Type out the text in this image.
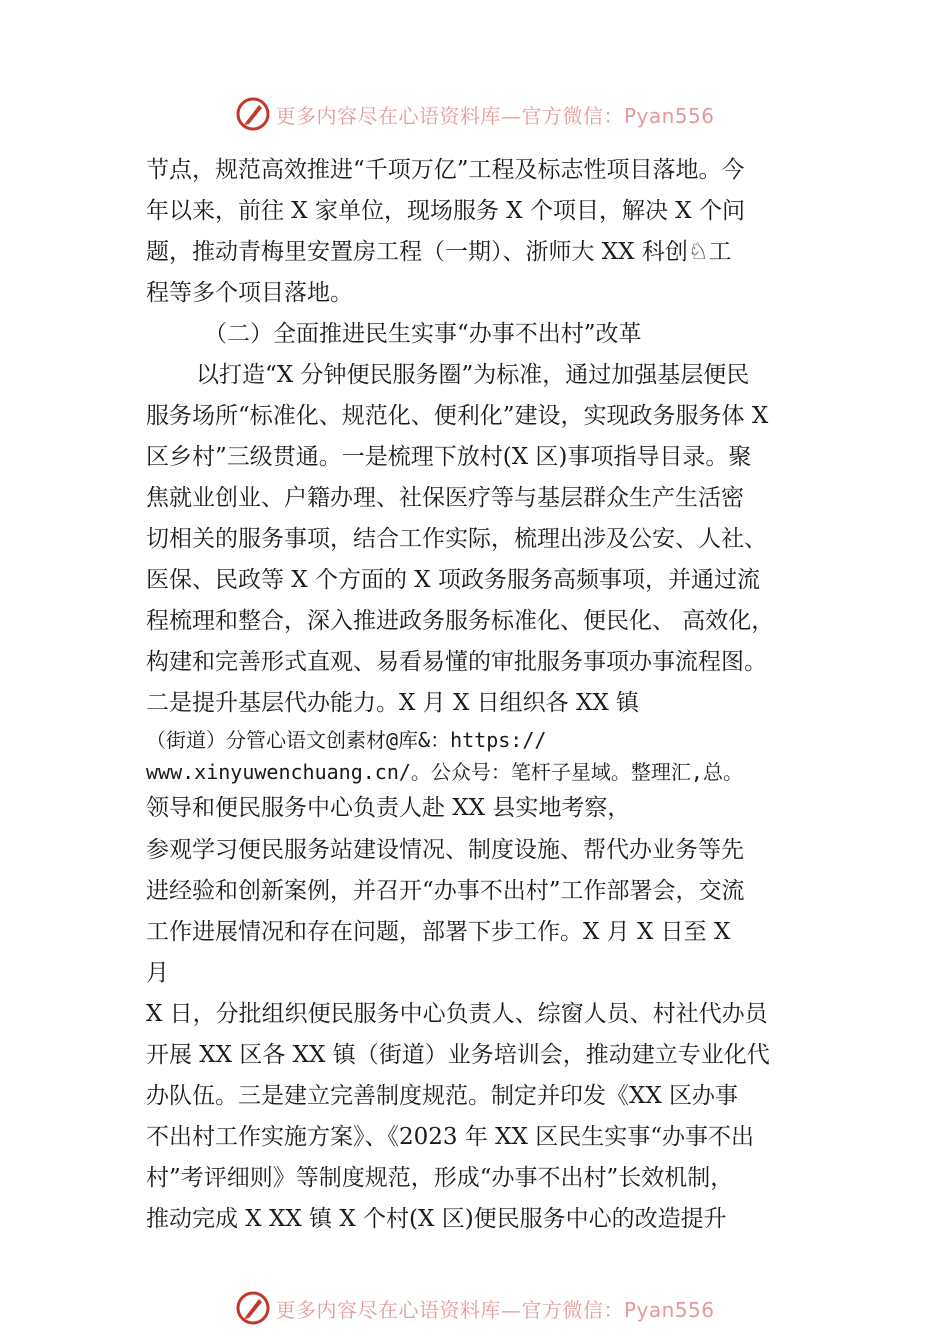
更多内容尽在心语资料库—官方微信：Pyan556
节点，规范高效推进“千项万亿”工程及标志性项目落地。今
年以来，前往 X 家单位，现场服务 X 个项目，解决 X 个问
题，推动青梅里安置房工程（一期）、浙师大 XX 科创♘工
程等多个项目落地。
（二）全面推进民生实事“办事不出村”改革
以打造“X 分钟便民服务圈”为标准，通过加强基层便民
服务场所“标准化、规范化、便利化”建设，实现政务服务体 X
区乡村”三级贯通。一是梳理下放村(X 区)事项指导目录。聚
焦就业创业、户籍办理、社保医疗等与基层群众生产生活密
切相关的服务事项，结合工作实际，梳理出涉及公安、人社、
医保、民政等 X 个方面的 X 项政务服务高频事项，并通过流
程梳理和整合，深入推进政务服务标准化、便民化、 高效化，
构建和完善形式直观、易看易懂的审批服务事项办事流程图。
二是提升基层代办能力。X 月 X 日组织各 XX 镇
（街道）分管心语文创素材@库&：https://
www.xinyuwenchuang.cn/。公众号：笔杆子星域。整理汇,总。
领导和便民服务中心负责人赴 XX 县实地考察，
参观学习便民服务站建设情况、制度设施、帮代办业务等先
进经验和创新案例，并召开“办事不出村”工作部署会，交流
工作进展情况和存在问题，部署下步工作。X 月 X 日至 X
月
X 日，分批组织便民服务中心负责人、综窗人员、村社代办员
开展 XX 区各 XX 镇（街道）业务培训会，推动建立专业化代
办队伍。三是建立完善制度规范。制定并印发《XX 区办事
不出村工作实施方案》、《2023 年 XX 区民生实事“办事不出
村”考评细则》等制度规范，形成“办事不出村”长效机制，
推动完成 X XX 镇 X 个村(X 区)便民服务中心的改造提升
更多内容尽在心语资料库—官方微信：Pyan556
